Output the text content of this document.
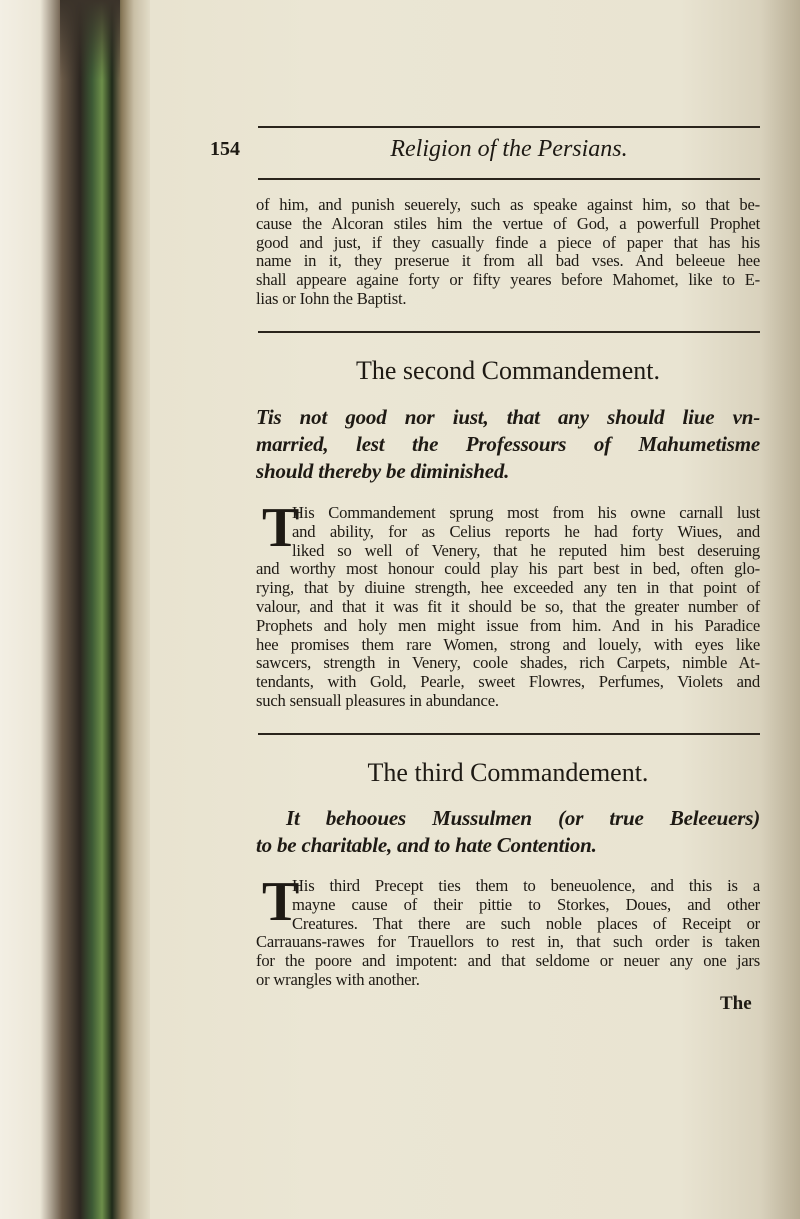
154	Religion of the Persians.
of him, and punish seuerely, such as speake against him, so that be-
cause the Alcoran stiles him the vertue of God, a powerfull Prophet
good and just, if they casually finde a piece of paper that has his
name in it, they preserue it from all bad vses. And beleeue hee
shall appeare againe forty or fifty yeares before Mahomet, like to E-
lias or Iohn the Baptist.
The second Commandement.
Tis not good nor iust, that any should liue vn-
married, lest the Professours of Mahumetisme
should thereby be diminished.
T
His Commandement sprung most from his owne carnall lust
and ability, for as Celius reports he had forty Wiues, and
liked so well of Venery, that he reputed him best deseruing
and worthy most honour could play his part best in bed, often glo-
rying, that by diuine strength, hee exceeded any ten in that point of
valour, and that it was fit it should be so, that the greater number of
Prophets and holy men might issue from him. And in his Paradice
hee promises them rare Women, strong and louely, with eyes like
sawcers, strength in Venery, coole shades, rich Carpets, nimble At-
tendants, with Gold, Pearle, sweet Flowres, Perfumes, Violets and
such sensuall pleasures in abundance.
The third Commandement.
It behooues Mussulmen (or true Beleeuers)
to be charitable, and to hate Contention.
T
His third Precept ties them to beneuolence, and this is a
mayne cause of their pittie to Storkes, Doues, and other
Creatures. That there are such noble places of Receipt or
Carrauans-rawes for Trauellors to rest in, that such order is taken
for the poore and impotent: and that seldome or neuer any one jars
or wrangles with another.
The
